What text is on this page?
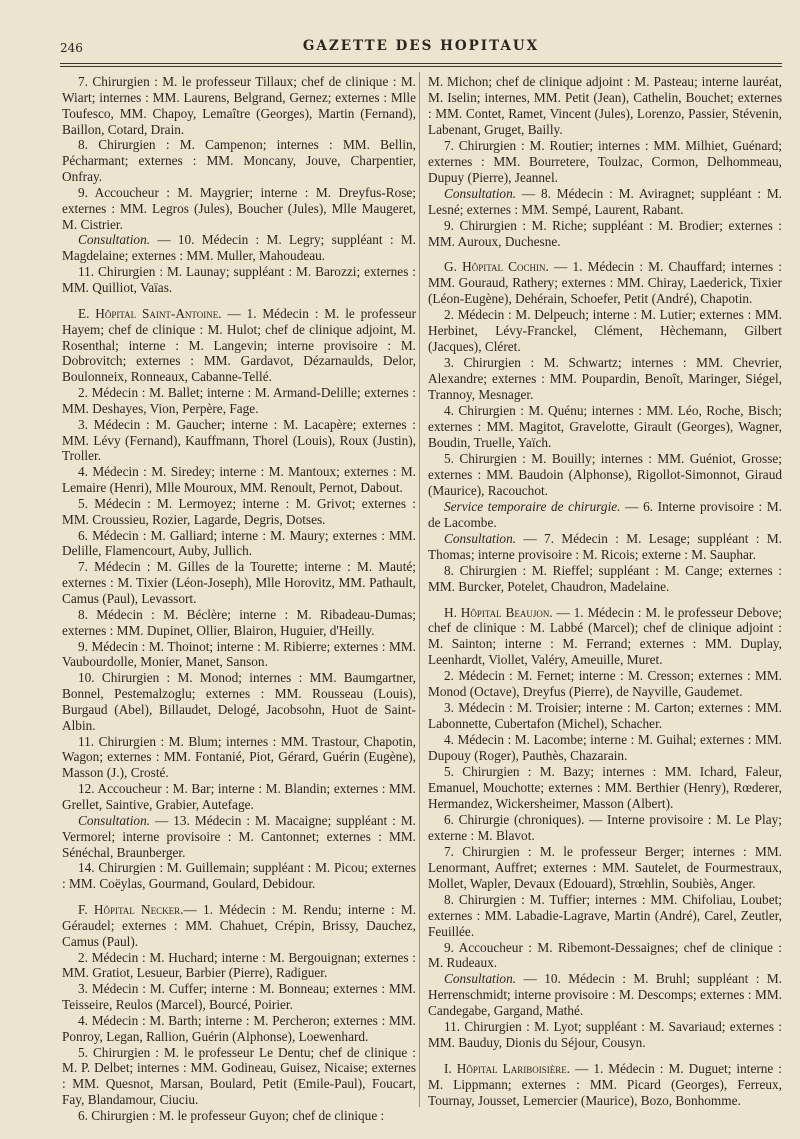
246	GAZETTE DES HOPITAUX

7. Chirurgien : M. le professeur Tillaux; chef de clinique : M. Wiart; internes : MM. Laurens, Belgrand, Gernez; externes : Mlle Toufesco, MM. Chapoy, Lemaître (Georges), Martin (Fernand), Baillon, Cotard, Drain.

8. Chirurgien : M. Campenon; internes : MM. Bellin, Pécharmant; externes : MM. Moncany, Jouve, Charpentier, Onfray.

9. Accoucheur : M. Maygrier; interne : M. Dreyfus-Rose; externes : MM. Legros (Jules), Boucher (Jules), Mlle Maugeret, M. Cistrier.

Consultation. — 10. Médecin : M. Legry; suppléant : M. Magdelaine; externes : MM. Muller, Mahoudeau.

11. Chirurgien : M. Launay; suppléant : M. Barozzi; externes : MM. Quilliot, Vaïas.

E. Hôpital Saint-Antoine. — 1. Médecin : M. le professeur Hayem; chef de clinique : M. Hulot; chef de clinique adjoint, M. Rosenthal; interne : M. Langevin; interne provisoire : M. Dobrovitch; externes : MM. Gardavot, Dézarnaulds, Delor, Boulonneix, Ronneaux, Cabanne-Tellé.

2. Médecin : M. Ballet; interne : M. Armand-Delille; externes : MM. Deshayes, Vion, Perpère, Fage.

3. Médecin : M. Gaucher; interne : M. Lacapère; externes : MM. Lévy (Fernand), Kauffmann, Thorel (Louis), Roux (Justin), Troller.

4. Médecin : M. Siredey; interne : M. Mantoux; externes : M. Lemaire (Henri), Mlle Mouroux, MM. Renoult, Pernot, Dabout.

5. Médecin : M. Lermoyez; interne : M. Grivot; externes : MM. Croussieu, Rozier, Lagarde, Degris, Dotses.

6. Médecin : M. Galliard; interne : M. Maury; externes : MM. Delille, Flamencourt, Auby, Jullich.

7. Médecin : M. Gilles de la Tourette; interne : M. Mauté; externes : M. Tixier (Léon-Joseph), Mlle Horovitz, MM. Pathault, Camus (Paul), Levassort.

8. Médecin : M. Béclère; interne : M. Ribadeau-Dumas; externes : MM. Dupinet, Ollier, Blairon, Huguier, d'Heilly.

9. Médecin : M. Thoinot; interne : M. Ribierre; externes : MM. Vaubourdolle, Monier, Manet, Sanson.

10. Chirurgien : M. Monod; internes : MM. Baumgartner, Bonnel, Pestemalzoglu; externes : MM. Rousseau (Louis), Burgaud (Abel), Billaudet, Delogé, Jacobsohn, Huot de Saint-Albin.

11. Chirurgien : M. Blum; internes : MM. Trastour, Chapotin, Wagon; externes : MM. Fontanié, Piot, Gérard, Guérin (Eugène), Masson (J.), Crosté.

12. Accoucheur : M. Bar; interne : M. Blandin; externes : MM. Grellet, Saintive, Grabier, Autefage.

Consultation. — 13. Médecin : M. Macaigne; suppléant : M. Vermorel; interne provisoire : M. Cantonnet; externes : MM. Sénéchal, Braunberger.

14. Chirurgien : M. Guillemain; suppléant : M. Picou; externes : MM. Coëylas, Gourmand, Goulard, Debidour.

F. Hôpital Necker.— 1. Médecin : M. Rendu; interne : M. Géraudel; externes : MM. Chahuet, Crépin, Brissy, Dauchez, Camus (Paul).

2. Médecin : M. Huchard; interne : M. Bergouignan; externes : MM. Gratiot, Lesueur, Barbier (Pierre), Radiguer.

3. Médecin : M. Cuffer; interne : M. Bonneau; externes : MM. Teisseire, Reulos (Marcel), Bourcé, Poirier.

4. Médecin : M. Barth; interne : M. Percheron; externes : MM. Ponroy, Legan, Rallion, Guérin (Alphonse), Loewenhard.

5. Chirurgien : M. le professeur Le Dentu; chef de clinique : M. P. Delbet; internes : MM. Godineau, Guisez, Nicaise; externes : MM. Quesnot, Marsan, Boulard, Petit (Emile-Paul), Foucart, Fay, Blandamour, Ciuciu.

6. Chirurgien : M. le professeur Guyon; chef de clinique :

M. Michon; chef de clinique adjoint : M. Pasteau; interne lauréat, M. Iselin; internes, MM. Petit (Jean), Cathelin, Bouchet; externes : MM. Contet, Ramet, Vincent (Jules), Lorenzo, Passier, Stévenin, Labenant, Gruget, Bailly.

7. Chirurgien : M. Routier; internes : MM. Milhiet, Guénard; externes : MM. Bourretere, Toulzac, Cormon, Delhommeau, Dupuy (Pierre), Jeannel.

Consultation. — 8. Médecin : M. Aviragnet; suppléant : M. Lesné; externes : MM. Sempé, Laurent, Rabant.

9. Chirurgien : M. Riche; suppléant : M. Brodier; externes : MM. Auroux, Duchesne.

G. Hôpital Cochin. — 1. Médecin : M. Chauffard; internes : MM. Gouraud, Rathery; externes : MM. Chiray, Laederick, Tixier (Léon-Eugène), Dehérain, Schoefer, Petit (André), Chapotin.

2. Médecin : M. Delpeuch; interne : M. Lutier; externes : MM. Herbinet, Lévy-Franckel, Clément, Hèchemann, Gilbert (Jacques), Cléret.

3. Chirurgien : M. Schwartz; internes : MM. Chevrier, Alexandre; externes : MM. Poupardin, Benoît, Maringer, Siégel, Trannoy, Mesnager.

4. Chirurgien : M. Quénu; internes : MM. Léo, Roche, Bisch; externes : MM. Magitot, Gravelotte, Girault (Georges), Wagner, Boudin, Truelle, Yaïch.

5. Chirurgien : M. Bouilly; internes : MM. Guéniot, Grosse; externes : MM. Baudoin (Alphonse), Rigollot-Simonnot, Giraud (Maurice), Racouchot.

Service temporaire de chirurgie. — 6. Interne provisoire : M. de Lacombe.

Consultation. — 7. Médecin : M. Lesage; suppléant : M. Thomas; interne provisoire : M. Ricois; externe : M. Sauphar.

8. Chirurgien : M. Rieffel; suppléant : M. Cange; externes : MM. Burcker, Potelet, Chaudron, Madelaine.

H. Hôpital Beaujon. — 1. Médecin : M. le professeur Debove; chef de clinique : M. Labbé (Marcel); chef de clinique adjoint : M. Sainton; interne : M. Ferrand; externes : MM. Duplay, Leenhardt, Viollet, Valéry, Ameuille, Muret.

2. Médecin : M. Fernet; interne : M. Cresson; externes : MM. Monod (Octave), Dreyfus (Pierre), de Nayville, Gaudemet.

3. Médecin : M. Troisier; interne : M. Carton; externes : MM. Labonnette, Cubertafon (Michel), Schacher.

4. Médecin : M. Lacombe; interne : M. Guihal; externes : MM. Dupouy (Roger), Pauthès, Chazarain.

5. Chirurgien : M. Bazy; internes : MM. Ichard, Faleur, Emanuel, Mouchotte; externes : MM. Berthier (Henry), Rœderer, Hermandez, Wickersheimer, Masson (Albert).

6. Chirurgie (chroniques). — Interne provisoire : M. Le Play; externe : M. Blavot.

7. Chirurgien : M. le professeur Berger; internes : MM. Lenormant, Auffret; externes : MM. Sautelet, de Fourmestraux, Mollet, Wapler, Devaux (Edouard), Strœhlin, Soubiès, Anger.

8. Chirurgien : M. Tuffier; internes : MM. Chifoliau, Loubet; externes : MM. Labadie-Lagrave, Martin (André), Carel, Zeutler, Feuillée.

9. Accoucheur : M. Ribemont-Dessaignes; chef de clinique : M. Rudeaux.

Consultation. — 10. Médecin : M. Bruhl; suppléant : M. Herrenschmidt; interne provisoire : M. Descomps; externes : MM. Candegabe, Gargand, Mathé.

11. Chirurgien : M. Lyot; suppléant : M. Savariaud; externes : MM. Bauduy, Dionis du Séjour, Cousyn.

I. Hôpital Lariboisière. — 1. Médecin : M. Duguet; interne : M. Lippmann; externes : MM. Picard (Georges), Ferreux, Tournay, Jousset, Lemercier (Maurice), Bozo, Bonhomme.
